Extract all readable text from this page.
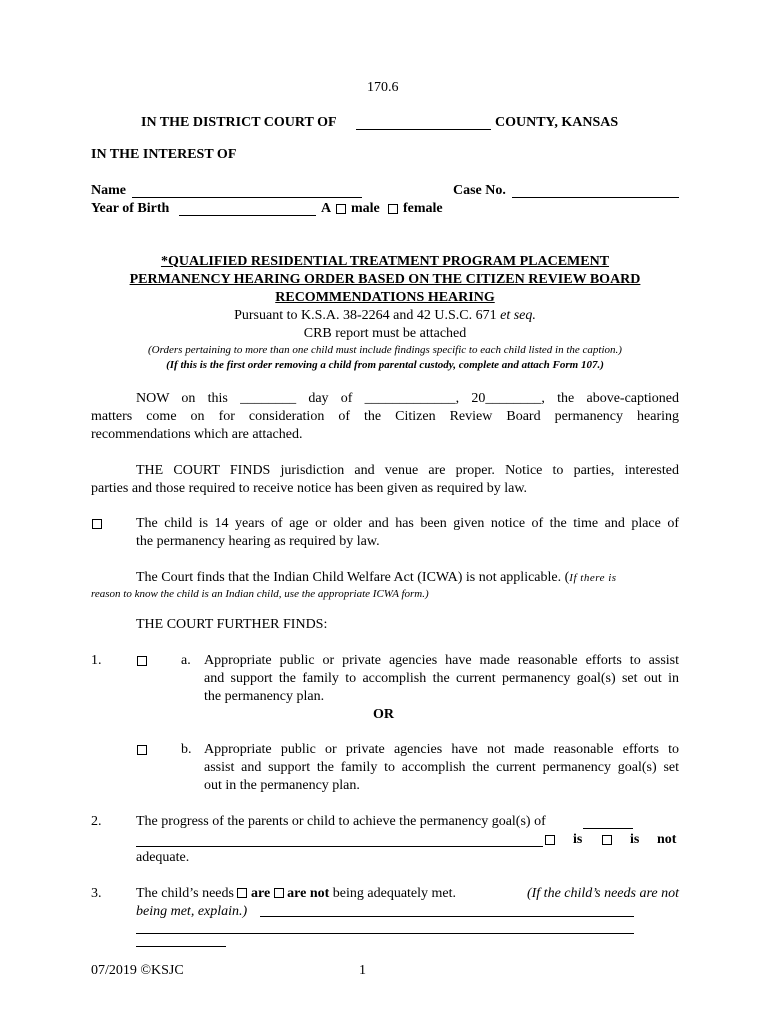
170.6
IN THE DISTRICT COURT OF	COUNTY, KANSAS
IN THE INTEREST OF
Name	Case No.
Year of Birth	A male female
*QUALIFIED RESIDENTIAL TREATMENT PROGRAM PLACEMENT
PERMANENCY HEARING ORDER BASED ON THE CITIZEN REVIEW BOARD
RECOMMENDATIONS HEARING
Pursuant to K.S.A. 38-2264 and 42 U.S.C. 671 et seq.
CRB report must be attached
(Orders pertaining to more than one child must include findings specific to each child listed in the caption.)
(If this is the first order removing a child from parental custody, complete and attach Form 107.)
NOW on this ________ day of _____________, 20________, the above-captioned
matters come on for consideration of the Citizen Review Board permanency hearing
recommendations which are attached.
THE COURT FINDS jurisdiction and venue are proper. Notice to parties, interested
parties and those required to receive notice has been given as required by law.
The child is 14 years of age or older and has been given notice of the time and place of
the permanency hearing as required by law.
The Court finds that the Indian Child Welfare Act (ICWA) is not applicable. (If there is
reason to know the child is an Indian child, use the appropriate ICWA form.)
THE COURT FURTHER FINDS:
1.	a. Appropriate public or private agencies have made reasonable efforts to assist
and support the family to accomplish the current permanency goal(s) set out in
the permanency plan.
OR
b. Appropriate public or private agencies have not made reasonable efforts to
assist and support the family to accomplish the current permanency goal(s) set
out in the permanency plan.
2. The progress of the parents or child to achieve the permanency goal(s) of
is	is not
adequate.
3. The child’s needs are are not being adequately met.	(If the child’s needs are not
being met, explain.)
07/2019 ©KSJC	1
